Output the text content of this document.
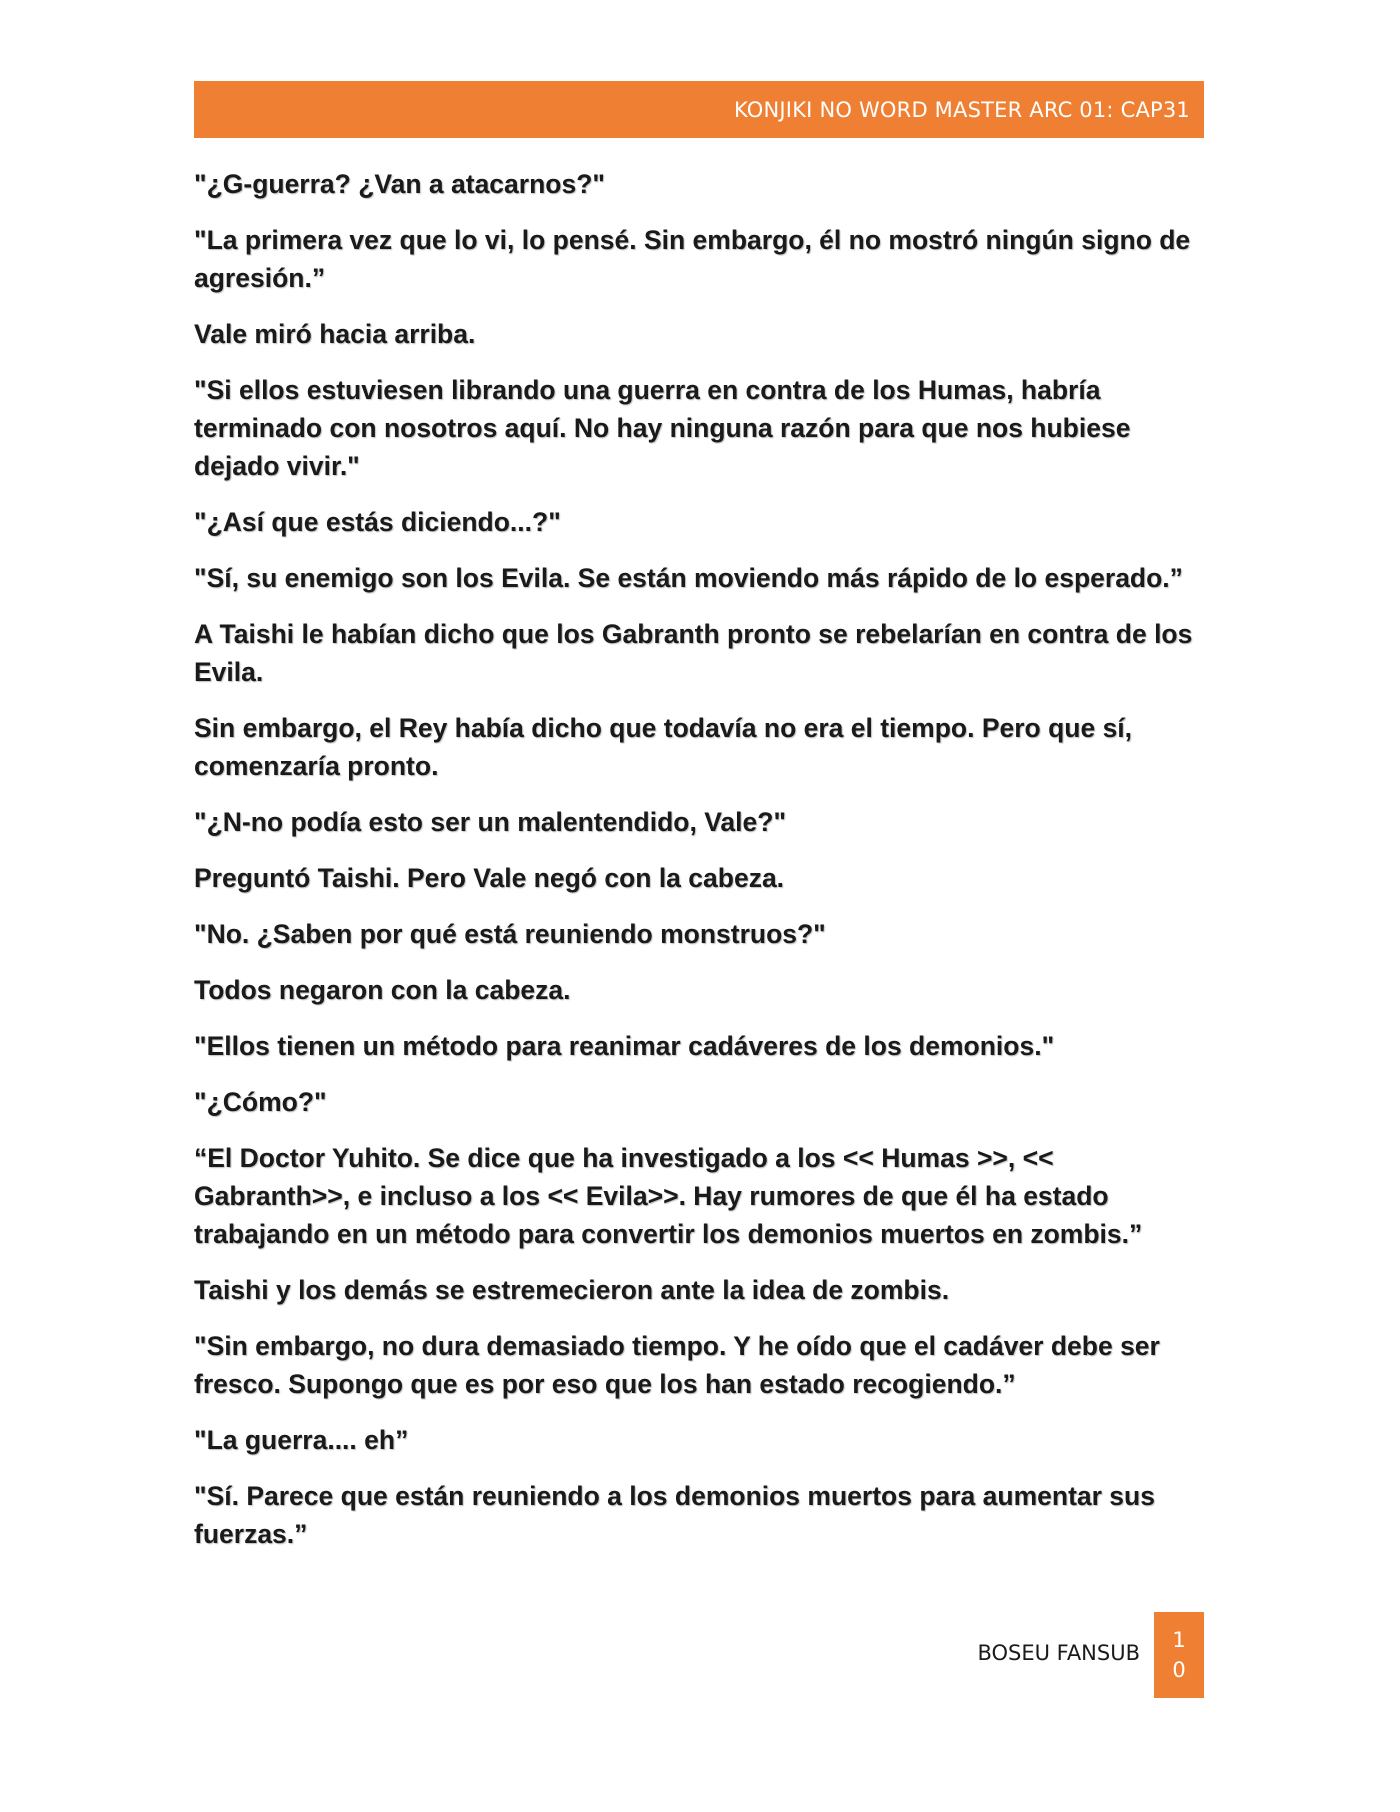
KONJIKI NO WORD MASTER ARC 01: CAP31

"¿G-guerra? ¿Van a atacarnos?"

"La primera vez que lo vi, lo pensé. Sin embargo, él no mostró ningún signo de agresión.”

Vale miró hacia arriba.

"Si ellos estuviesen librando una guerra en contra de los Humas, habría terminado con nosotros aquí. No hay ninguna razón para que nos hubiese dejado vivir."

"¿Así que estás diciendo...?"

"Sí, su enemigo son los Evila. Se están moviendo más rápido de lo esperado.”

A Taishi le habían dicho que los Gabranth pronto se rebelarían en contra de los Evila.

Sin embargo, el Rey había dicho que todavía no era el tiempo. Pero que sí, comenzaría pronto.

"¿N-no podía esto ser un malentendido, Vale?"

Preguntó Taishi. Pero Vale negó con la cabeza.

"No. ¿Saben por qué está reuniendo monstruos?"

Todos negaron con la cabeza.

"Ellos tienen un método para reanimar cadáveres de los demonios."

"¿Cómo?"

“El Doctor Yuhito. Se dice que ha investigado a los << Humas >>, << Gabranth>>, e incluso a los << Evila>>. Hay rumores de que él ha estado trabajando en un método para convertir los demonios muertos en zombis.”

Taishi y los demás se estremecieron ante la idea de zombis.

"Sin embargo, no dura demasiado tiempo. Y he oído que el cadáver debe ser fresco. Supongo que es por eso que los han estado recogiendo.”

"La guerra.... eh”

"Sí. Parece que están reuniendo a los demonios muertos para aumentar sus fuerzas.”

BOSEU FANSUB
1
0
